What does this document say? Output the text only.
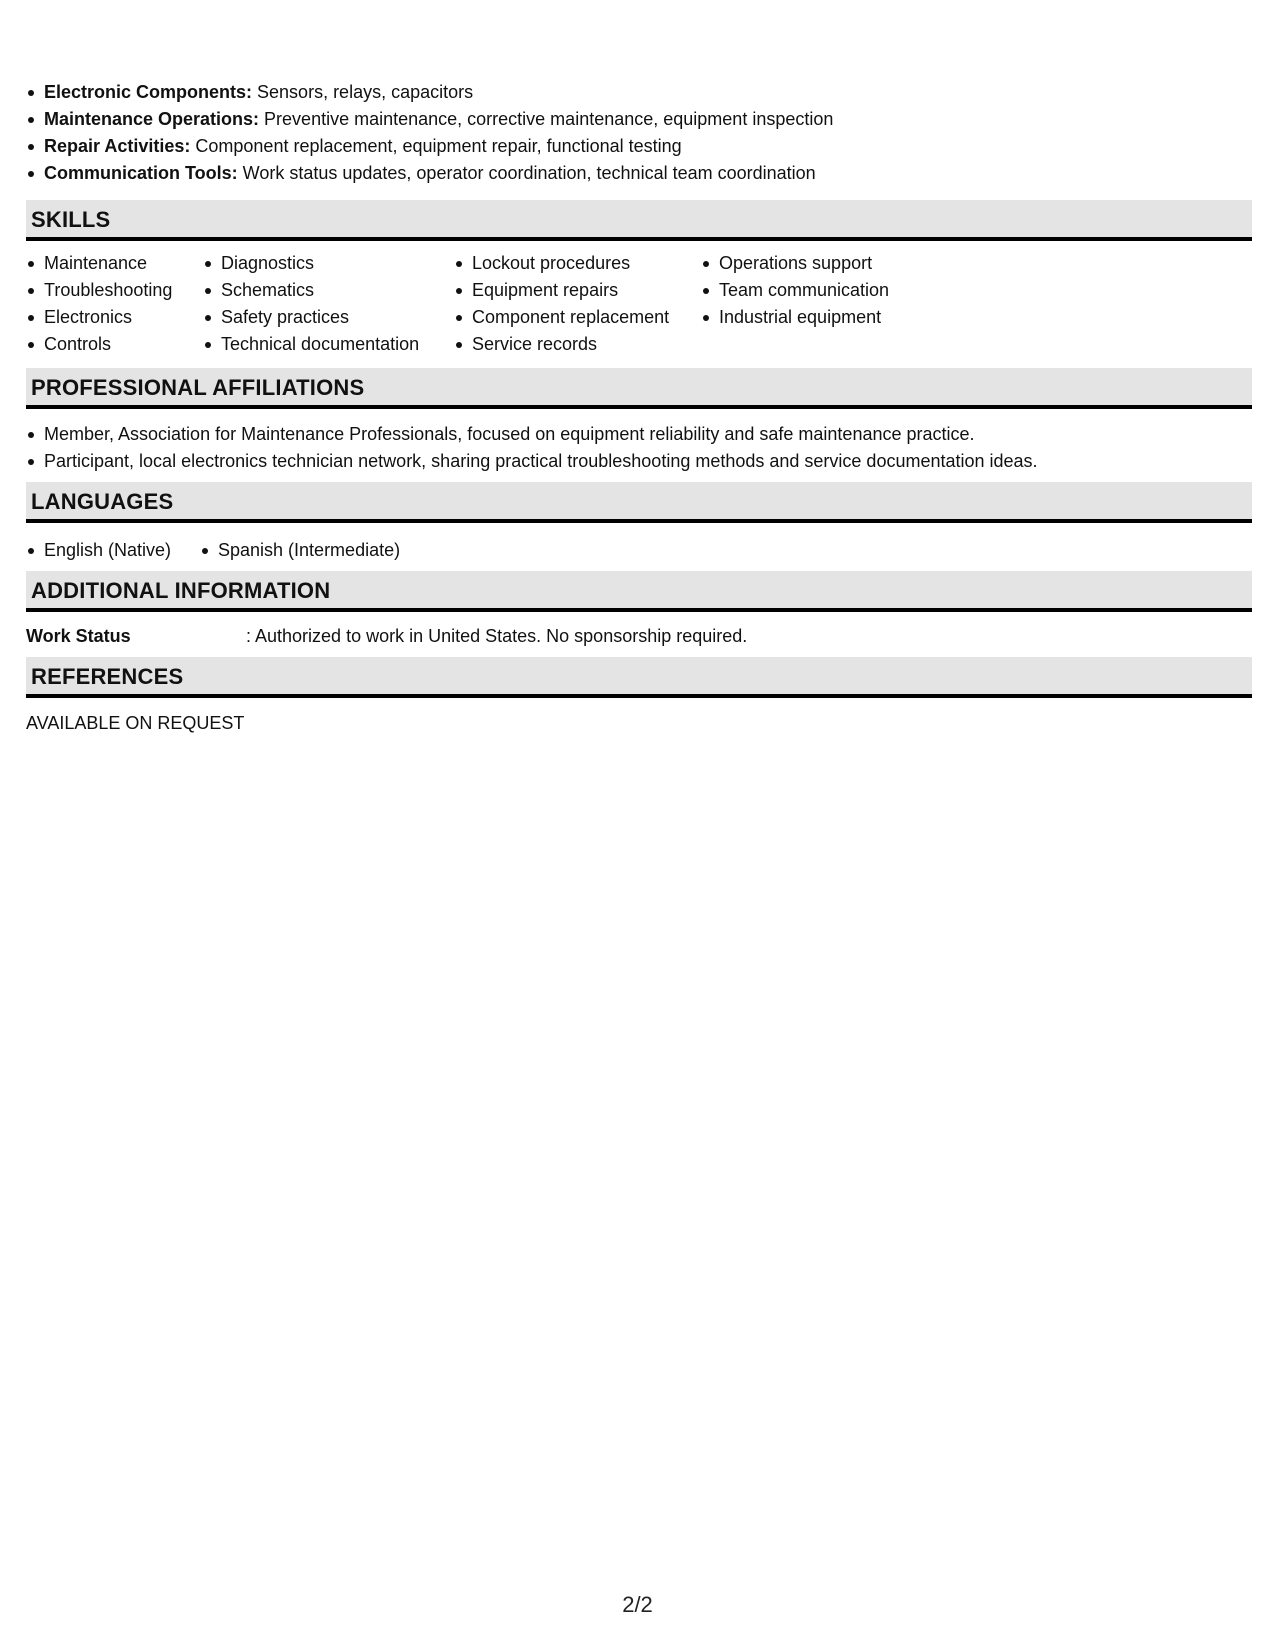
Electronic Components: Sensors, relays, capacitors
Maintenance Operations: Preventive maintenance, corrective maintenance, equipment inspection
Repair Activities: Component replacement, equipment repair, functional testing
Communication Tools: Work status updates, operator coordination, technical team coordination
SKILLS
Maintenance
Troubleshooting
Electronics
Controls
Diagnostics
Schematics
Safety practices
Technical documentation
Lockout procedures
Equipment repairs
Component replacement
Service records
Operations support
Team communication
Industrial equipment
PROFESSIONAL AFFILIATIONS
Member, Association for Maintenance Professionals, focused on equipment reliability and safe maintenance practice.
Participant, local electronics technician network, sharing practical troubleshooting methods and service documentation ideas.
LANGUAGES
English (Native)	Spanish (Intermediate)
ADDITIONAL INFORMATION
Work Status	: Authorized to work in United States. No sponsorship required.
REFERENCES
AVAILABLE ON REQUEST
2/2
